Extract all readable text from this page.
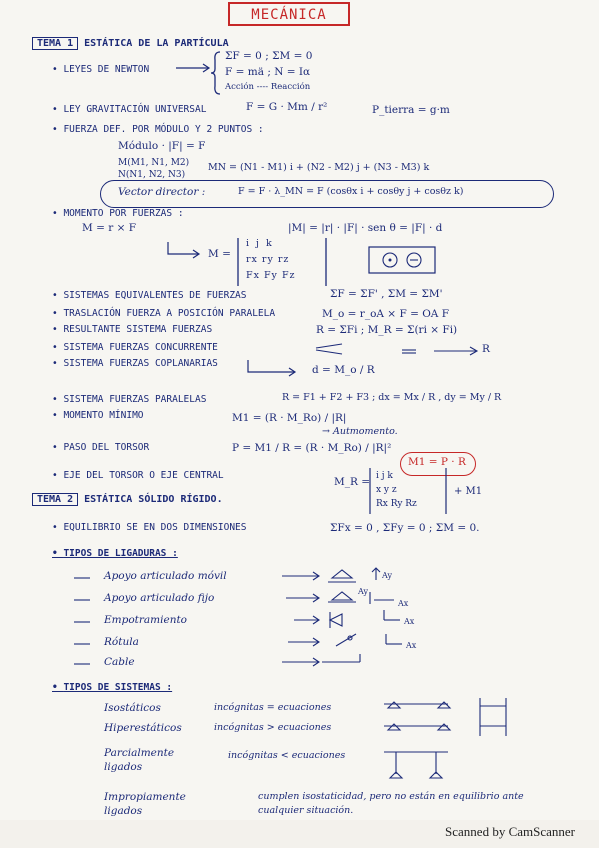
MECÁNICA
TEMA 1 ESTÁTICA DE LA PARTÍCULA
• LEYES DE NEWTON
ΣF = 0 ; ΣM = 0
F = mä ; N = Iα
Acción ---- Reacción
• LEY GRAVITACIÓN UNIVERSAL	F = G · Mm / r²	P_tierra = g·m
• FUERZA DEF. POR MÓDULO Y 2 PUNTOS :
Módulo · |F| = F
M(M1, N1, M2)
N(N1, N2, N3)
MN = (N1 - M1) i + (N2 - M2) j + (N3 - M3) k
Vector director :	F = F · λ_MN = F (cosθx i + cosθy j + cosθz k)
• MOMENTO POR FUERZAS :
M = r × F	|M| = |r| · |F| · sen θ = |F| · d
M =
i j k
rx ry rz
Fx Fy Fz
• SISTEMAS EQUIVALENTES DE FUERZAS	ΣF = ΣF' , ΣM = ΣM'
• TRASLACIÓN FUERZA A POSICIÓN PARALELA	M_o = r_oA × F = OA F
• RESULTANTE SISTEMA FUERZAS	R = ΣFi ; M_R = Σ(ri × Fi)
• SISTEMA FUERZAS CONCURRENTE	R
• SISTEMA FUERZAS COPLANARIAS
d = M_o / R
• SISTEMA FUERZAS PARALELAS	R = F1 + F2 + F3 ; dx = Mx / R , dy = My / R
• MOMENTO MÍNIMO	M1 = (R · M_Ro) / |R|
→ Autmomento.
• PASO DEL TORSOR	P = M1 / R = (R · M_Ro) / |R|²
• EJE DEL TORSOR O EJE CENTRAL
M1 = P · R
M_R = i j k
x y z
Rx Ry Rz
+ M1
TEMA 2 ESTÁTICA SÓLIDO RÍGIDO.
• EQUILIBRIO SE EN DOS DIMENSIONES	ΣFx = 0 , ΣFy = 0 ; ΣM = 0.
• TIPOS DE LIGADURAS :
Apoyo articulado móvil
Apoyo articulado fijo
Empotramiento
Rótula
Cable
Ay
Ay
Ax
Ax
Ax
• TIPOS DE SISTEMAS :
Isostáticos	incógnitas = ecuaciones
Hiperestáticos	incógnitas > ecuaciones
Parcialmente ligados
incógnitas < ecuaciones
Impropiamente ligados
cumplen isostaticidad, pero no están en equilibrio ante cualquier situación.
Scanned by CamScanner
